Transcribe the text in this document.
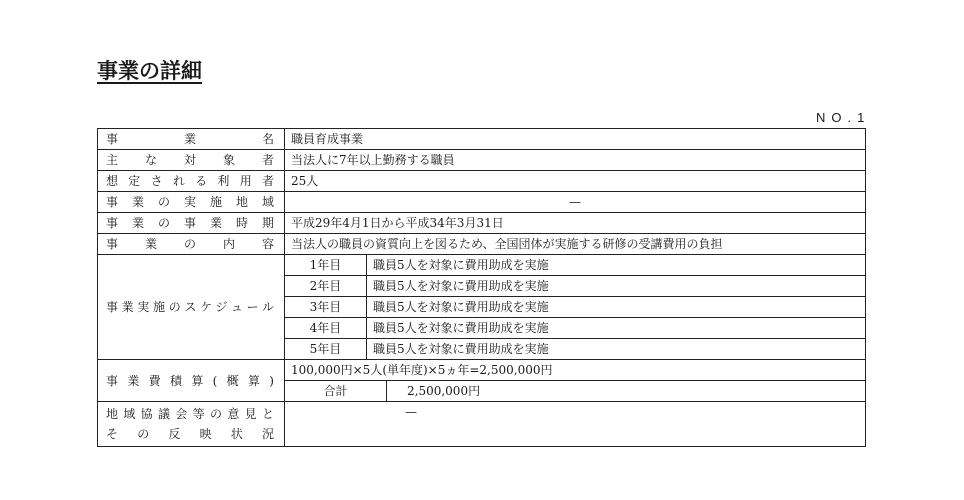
事業の詳細
NO.1
事業名	職員育成事業		
主な対象者	当法人に7年以上勤務する職員		
想定される利用者	25人		
事業の実施地域	—		
事業の事業時期	平成29年4月1日から平成34年3月31日		
事業の内容	当法人の職員の資質向上を図るため、全国団体が実施する研修の受講費用の負担		
事業実施のスケジュール	1年目	職員5人を対象に費用助成を実施	
	2年目	職員5人を対象に費用助成を実施	
	3年目	職員5人を対象に費用助成を実施	
	4年目	職員5人を対象に費用助成を実施	
	5年目	職員5人を対象に費用助成を実施	
事業費積算(概算)	100,000円×5人(単年度)×5ヵ年=2,500,000円		
	合計		2,500,000円

地域協議会等の意見と
その反映状況	—		
